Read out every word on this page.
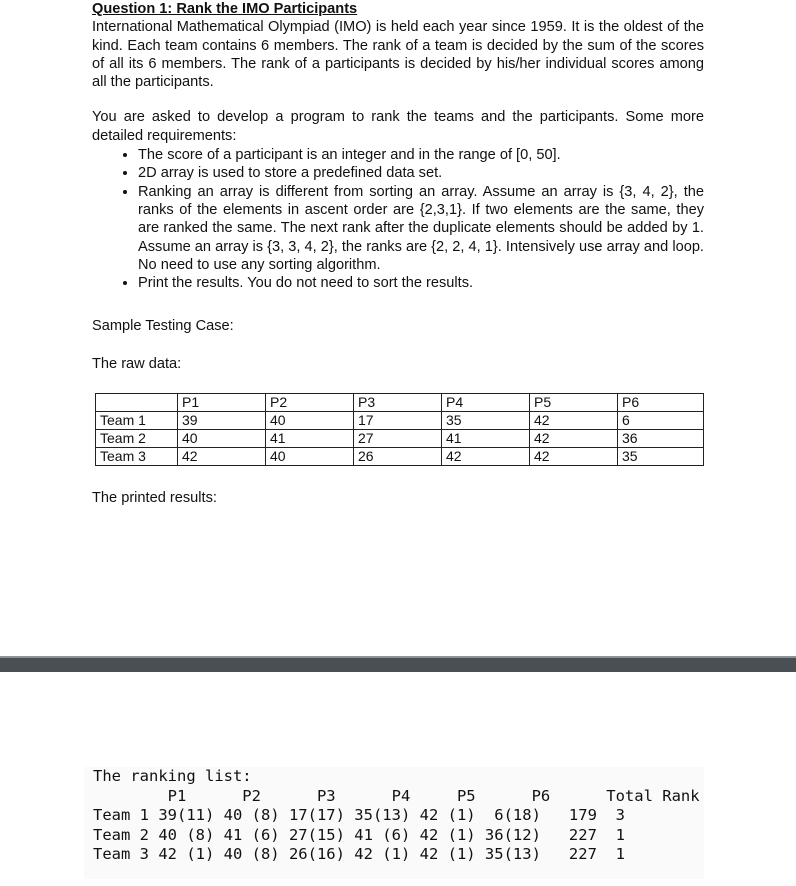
Question 1: Rank the IMO Participants

International Mathematical Olympiad (IMO) is held each year since 1959. It is the oldest of the kind. Each team contains 6 members. The rank of a team is decided by the sum of the scores of all its 6 members. The rank of a participants is decided by his/her individual scores among all the participants.

You are asked to develop a program to rank the teams and the participants. Some more detailed requirements:

• The score of a participant is an integer and in the range of [0, 50].
• 2D array is used to store a predefined data set.
• Ranking an array is different from sorting an array. Assume an array is {3, 4, 2}, the ranks of the elements in ascent order are {2,3,1}. If two elements are the same, they are ranked the same. The next rank after the duplicate elements should be added by 1. Assume an array is {3, 3, 4, 2}, the ranks are {2, 2, 4, 1}. Intensively use array and loop. No need to use any sorting algorithm.
• Print the results. You do not need to sort the results.
Sample Testing Case:
The raw data:
	P1	P2	P3	P4	P5	P6
Team 1	39	40	17	35	42	6
Team 2	40	41	27	41	42	36
Team 3	42	40	26	42	42	35
The printed results:
The ranking list:
P1      P2      P3      P4     P5      P6      Total Rank
Team 1 39(11) 40 (8) 17(17) 35(13) 42 (1)  6(18)   179  3
Team 2 40 (8) 41 (6) 27(15) 41 (6) 42 (1) 36(12)   227  1
Team 3 42 (1) 40 (8) 26(16) 42 (1) 42 (1) 35(13)   227  1
